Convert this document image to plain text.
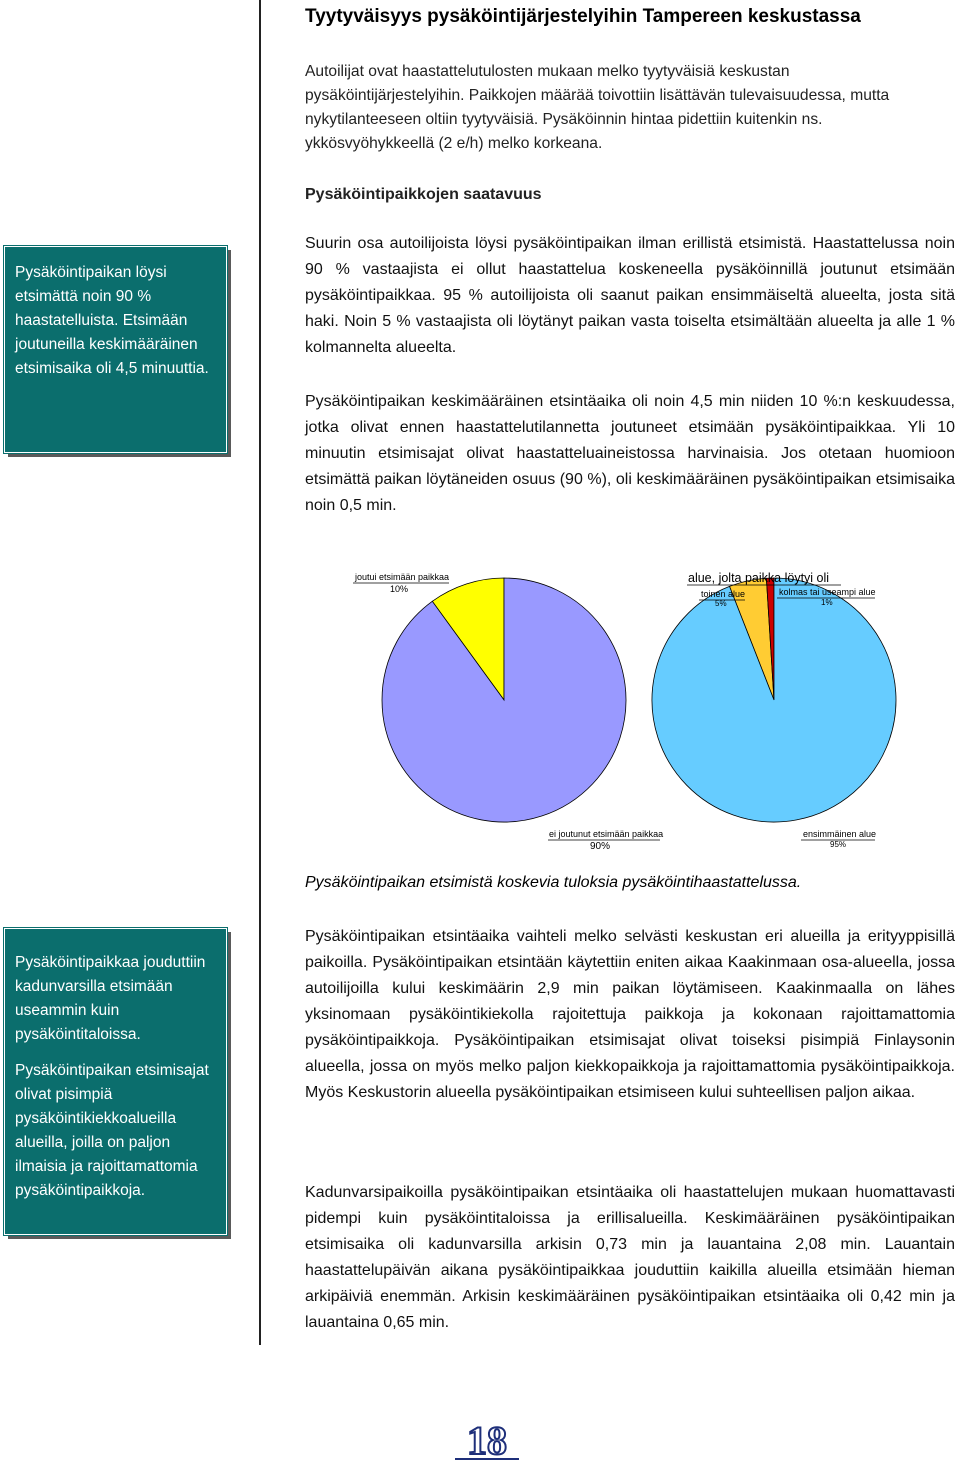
Tyytyväisyys pysäköintijärjestelyihin Tampereen keskustassa

Autoilijat ovat haastattelutulosten mukaan melko tyytyväisiä keskustan pysäköintijärjestelyihin. Paikkojen määrää toivottiin lisättävän tulevaisuudessa, mutta nykytilanteeseen oltiin tyytyväisiä. Pysäköinnin hintaa pidettiin kuitenkin ns. ykkösvyöhykkeellä (2 e/h) melko korkeana.

Pysäköintipaikkojen saatavuus

Pysäköintipaikan löysi etsimättä noin 90 % haastatelluista. Etsimään joutuneilla keskimääräinen etsimisaika oli 4,5 minuuttia.

Suurin osa autoilijoista löysi pysäköintipaikan ilman erillistä etsimistä. Haastattelussa noin 90 % vastaajista ei ollut haastattelua koskeneella pysäköinnillä joutunut etsimään pysäköintipaikkaa. 95 % autoilijoista oli saanut paikan ensimmäiseltä alueelta, josta sitä haki. Noin 5 % vastaajista oli löytänyt paikan vasta toiselta etsimältään alueelta ja alle 1 % kolmannelta alueelta.

Pysäköintipaikan keskimääräinen etsintäaika oli noin 4,5 min niiden 10 %:n keskuudessa, jotka olivat ennen haastattelutilannetta joutuneet etsimään pysäköintipaikkaa. Yli 10 minuutin etsimisajat olivat haastatteluaineistossa harvinaisia. Jos otetaan huomioon etsimättä paikan löytäneiden osuus (90 %), oli keskimääräinen pysäköintipaikan etsimisaika noin 0,5 min.

joutui etsimään paikkaa
10%
ei joutunut etsimään paikkaa
90%
alue, jolta paikka löytyi oli
toinen alue
5%
kolmas tai useampi alue
1%
ensimmäinen alue
95%

Pysäköintipaikan etsimistä koskevia tuloksia pysäköintihaastattelussa.

Pysäköintipaikkaa jouduttiin kadunvarsilla etsimään useammin kuin pysäköintitaloissa.

Pysäköintipaikan etsimisajat olivat pisimpiä pysäköintikiekkoalueilla alueilla, joilla on paljon ilmaisia ja rajoittamattomia pysäköintipaikkoja.

Pysäköintipaikan etsintäaika vaihteli melko selvästi keskustan eri alueilla ja erityyppisillä paikoilla. Pysäköintipaikan etsintään käytettiin eniten aikaa Kaakinmaan osa-alueella, jossa autoilijoilla kului keskimäärin 2,9 min paikan löytämiseen. Kaakinmaalla on lähes yksinomaan pysäköintikiekolla rajoitettuja paikkoja ja kokonaan rajoittamattomia pysäköintipaikkoja. Pysäköintipaikan etsimisajat olivat toiseksi pisimpiä Finlaysonin alueella, jossa on myös melko paljon kiekkopaikkoja ja rajoittamattomia pysäköintipaikkoja. Myös Keskustorin alueella pysäköintipaikan etsimiseen kului suhteellisen paljon aikaa.

Kadunvarsipaikoilla pysäköintipaikan etsintäaika oli haastattelujen mukaan huomattavasti pidempi kuin pysäköintitaloissa ja erillisalueilla. Keskimääräinen pysäköintipaikan etsimisaika oli kadunvarsilla arkisin 0,73 min ja lauantaina 2,08 min. Lauantain haastattelupäivän aikana pysäköintipaikkaa jouduttiin kaikilla alueilla etsimään hieman arkipäiviä enemmän. Arkisin keskimääräinen pysäköintipaikan etsintäaika oli 0,42 min ja lauantaina 0,65 min.

18
